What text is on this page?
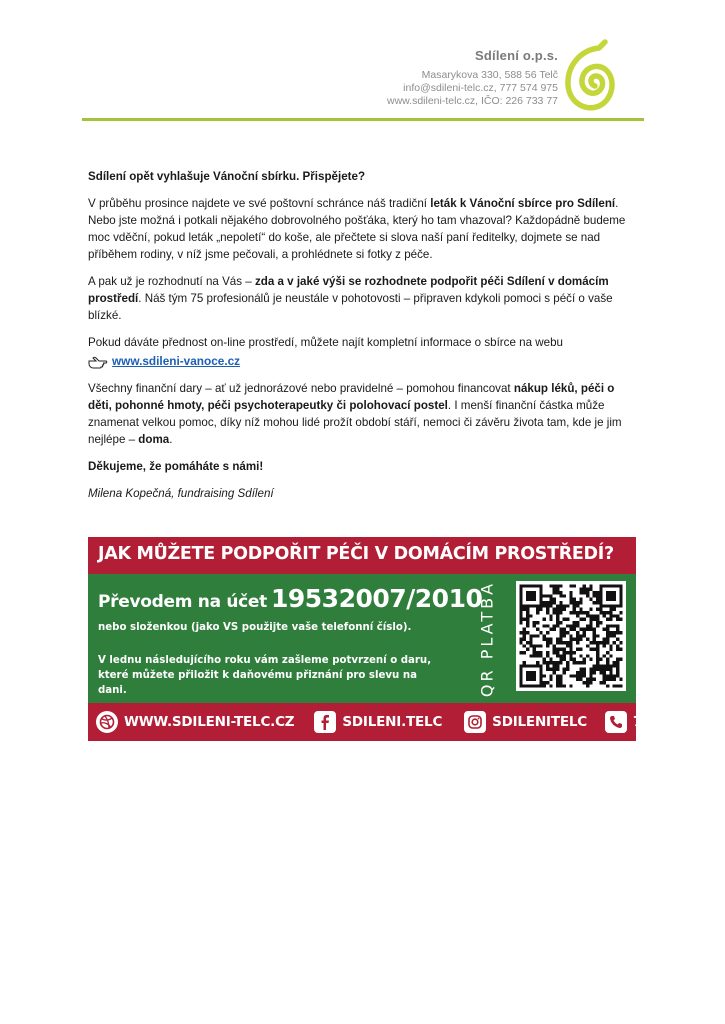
Sdílení o.p.s.
Masarykova 330, 588 56 Telč
info@sdileni-telc.cz, 777 574 975
www.sdileni-telc.cz, IČO: 226 733 77

Sdílení opět vyhlašuje Vánoční sbírku. Přispějete?

V průběhu prosince najdete ve své poštovní schránce náš tradiční leták k Vánoční sbírce pro Sdílení. Nebo jste možná i potkali nějakého dobrovolného pošťáka, který ho tam vhazoval? Každopádně budeme moc vděční, pokud leták „nepoletí“ do koše, ale přečtete si slova naší paní ředitelky, dojmete se nad příběhem rodiny, v níž jsme pečovali, a prohlédnete si fotky z péče.

A pak už je rozhodnutí na Vás – zda a v jaké výši se rozhodnete podpořit péči Sdílení v domácím prostředí. Náš tým 75 profesionálů je neustále v pohotovosti – připraven kdykoli pomoci s péčí o vaše blízké.

Pokud dáváte přednost on-line prostředí, můžete najít kompletní informace o sbírce na webu

www.sdileni-vanoce.cz

Všechny finanční dary – ať už jednorázové nebo pravidelné – pomohou financovat nákup léků, péči o děti, pohonné hmoty, péči psychoterapeutky či polohovací postel. I menší finanční částka může znamenat velkou pomoc, díky níž mohou lidé prožít období stáří, nemoci či závěru života tam, kde je jim nejlépe – doma.

Děkujeme, že pomáháte s námi!

Milena Kopečná, fundraising Sdílení

JAK MŮŽETE PODPOŘIT PÉČI V DOMÁCÍM PROSTŘEDÍ?
Převodem na účet 19532007/2010
nebo složenkou (jako VS použijte vaše telefonní číslo).
V lednu následujícího roku vám zašleme potvrzení o daru, které můžete přiložit k daňovému přiznání pro slevu na dani.	QR PLATBA
WWW.SDILENI-TELC.CZ	SDILENI.TELC	SDILENITELC	777 574 975
